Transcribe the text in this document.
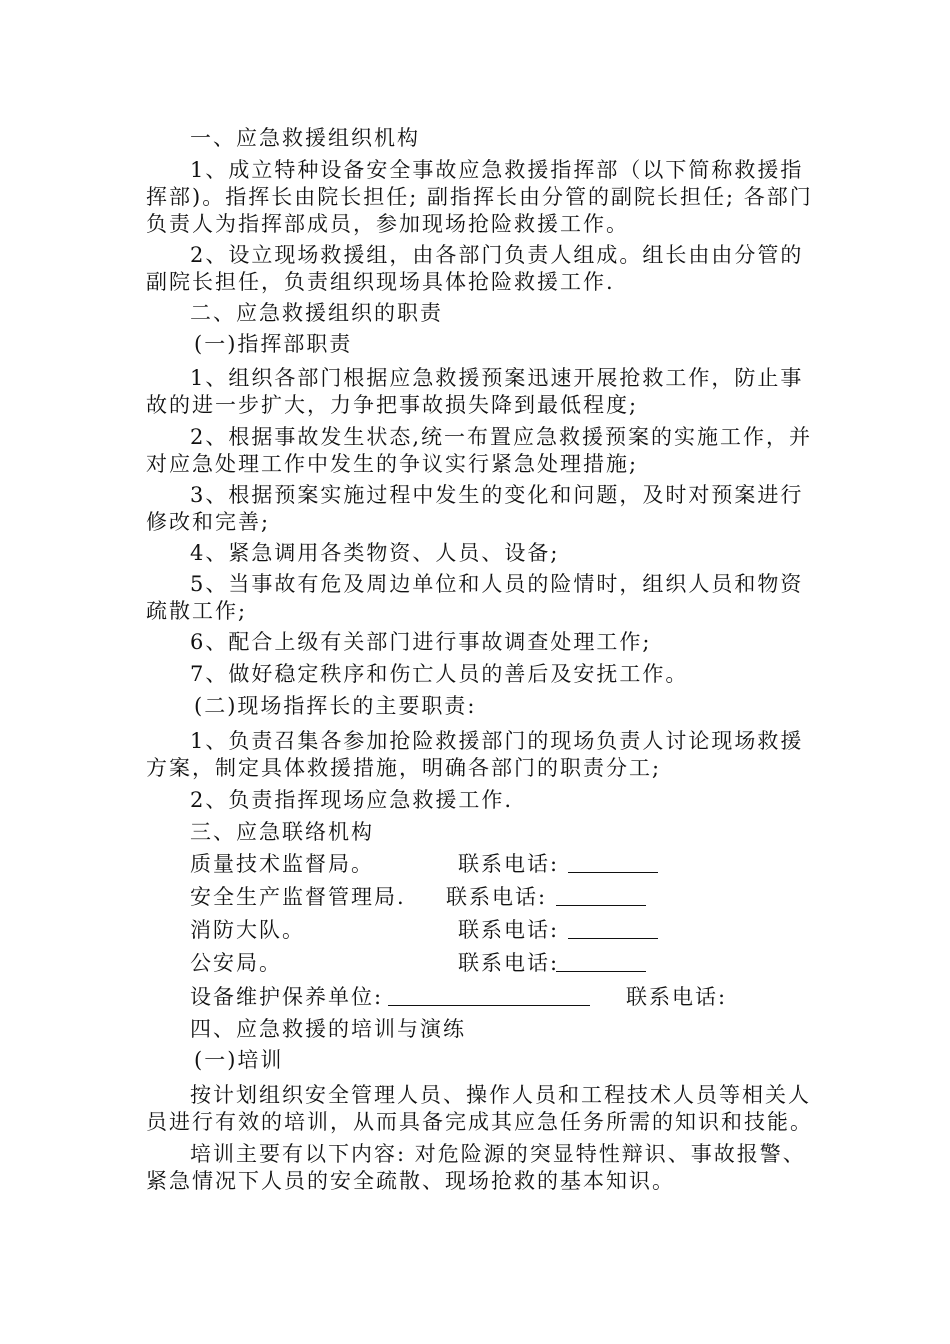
一、应急救援组织机构
1、成立特种设备安全事故应急救援指挥部（以下简称救援指
挥部)。指挥长由院长担任; 副指挥长由分管的副院长担任; 各部门
负责人为指挥部成员，参加现场抢险救援工作。
2、设立现场救援组，由各部门负责人组成。组长由由分管的
副院长担任，负责组织现场具体抢险救援工作.
二、应急救援组织的职责
(一)指挥部职责
1、组织各部门根据应急救援预案迅速开展抢救工作，防止事
故的进一步扩大，力争把事故损失降到最低程度;
2、根据事故发生状态,统一布置应急救援预案的实施工作，并
对应急处理工作中发生的争议实行紧急处理措施;
3、根据预案实施过程中发生的变化和问题，及时对预案进行
修改和完善;
4、紧急调用各类物资、人员、设备;
5、当事故有危及周边单位和人员的险情时，组织人员和物资
疏散工作;
6、配合上级有关部门进行事故调查处理工作;
7、做好稳定秩序和伤亡人员的善后及安抚工作。
(二)现场指挥长的主要职责:
1、负责召集各参加抢险救援部门的现场负责人讨论现场救援
方案，制定具体救援措施，明确各部门的职责分工;
2、负责指挥现场应急救援工作.
三、应急联络机构
质量技术监督局。	联系电话:
安全生产监督管理局. 联系电话:
消防大队。	联系电话:
公安局。	联系电话:
设备维护保养单位:	联系电话:
四、应急救援的培训与演练
(一)培训
按计划组织安全管理人员、操作人员和工程技术人员等相关人
员进行有效的培训，从而具备完成其应急任务所需的知识和技能。
培训主要有以下内容: 对危险源的突显特性辩识、事故报警、
紧急情况下人员的安全疏散、现场抢救的基本知识。
